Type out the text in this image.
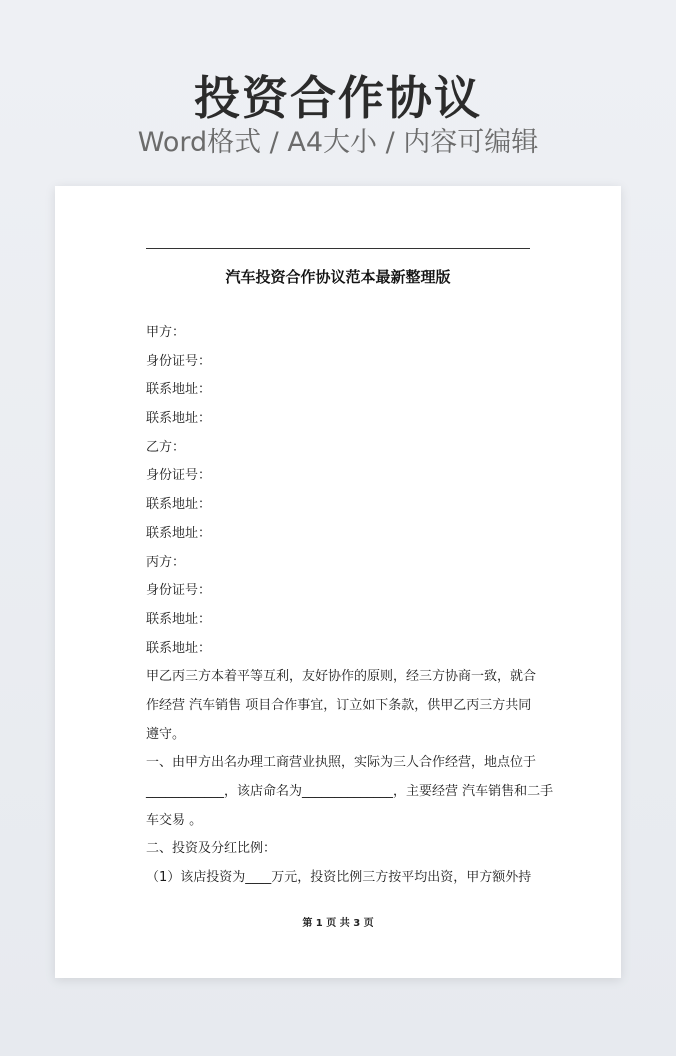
投资合作协议
Word格式 / A4大小 / 内容可编辑
汽车投资合作协议范本最新整理版
甲方：
身份证号：
联系地址：
联系地址：
乙方：
身份证号：
联系地址：
联系地址：
丙方：
身份证号：
联系地址：
联系地址：
甲乙丙三方本着平等互利，友好协作的原则，经三方协商一致，就合
作经营 汽车销售 项目合作事宜，订立如下条款，供甲乙丙三方共同
遵守。
一、由甲方出名办理工商营业执照，实际为三人合作经营，地点位于
____________，该店命名为______________，主要经营 汽车销售和二手
车交易 。
二、投资及分红比例：
（1）该店投资为____万元，投资比例三方按平均出资，甲方额外持
第 1 页 共 3 页
